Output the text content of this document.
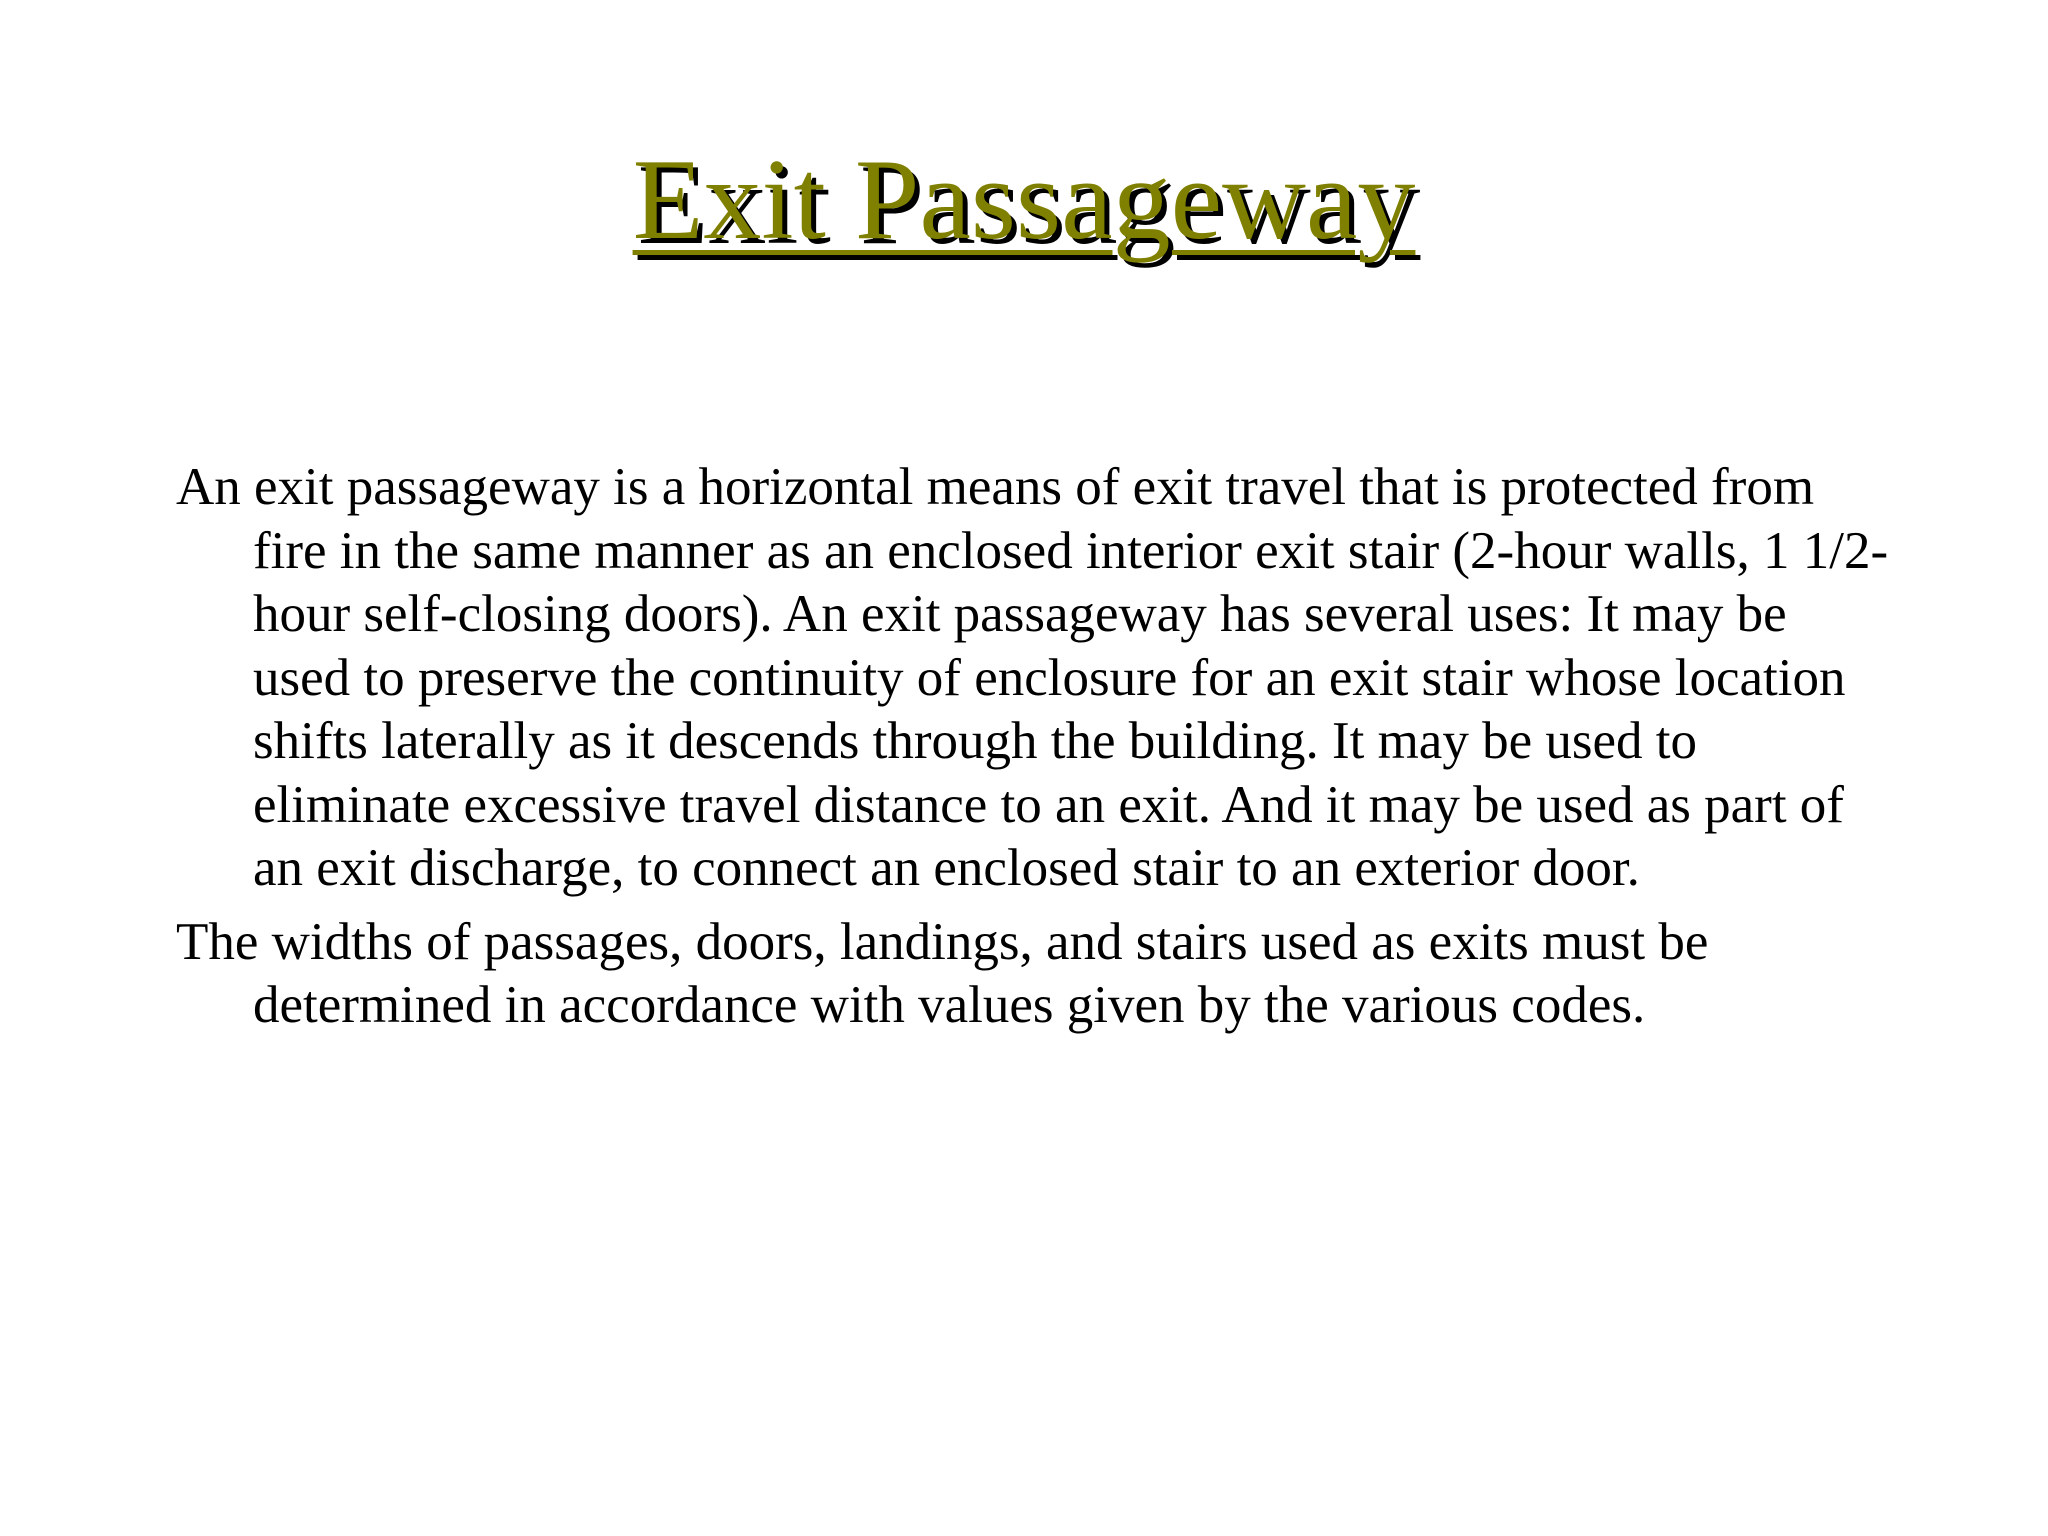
Exit Passageway
An exit passageway is a horizontal means of exit travel that is protected from fire in the same manner as an enclosed interior exit stair (2-hour walls, 1 1/2-hour self-closing doors). An exit passageway has several uses: It may be used to preserve the continuity of enclosure for an exit stair whose location shifts laterally as it descends through the building. It may be used to eliminate excessive travel distance to an exit. And it may be used as part of an exit discharge, to connect an enclosed stair to an exterior door.
The widths of passages, doors, landings, and stairs used as exits must be determined in accordance with values given by the various codes.
